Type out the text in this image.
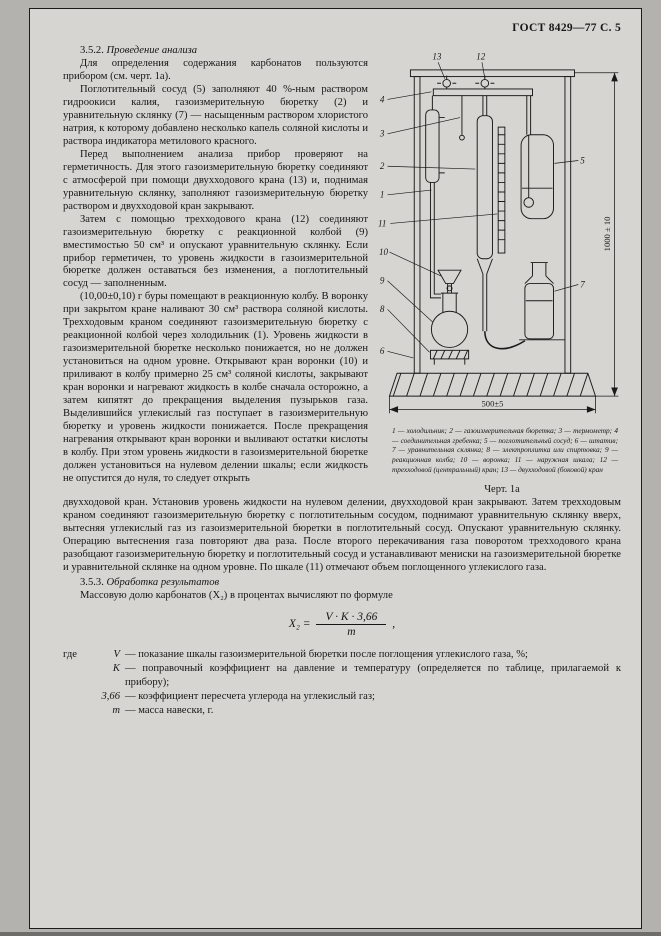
ГОСТ 8429—77 С. 5

3.5.2. Проведение анализа

Для определения содержания карбонатов пользуются прибором (см. черт. 1а).

Поглотительный сосуд (5) заполняют 40 %-ным раствором гидроокиси калия, газоизмерительную бюретку (2) и уравнительную склянку (7) — насыщенным раствором хлористого натрия, к которому добавлено несколько капель соляной кислоты и раствора индикатора метилового красного.

Перед выполнением анализа прибор проверяют на герметичность. Для этого газоизмерительную бюретку соединяют с атмосферой при помощи двухходового крана (13) и, поднимая уравнительную склянку, заполняют газоизмерительную бюретку раствором и двухходовой кран закрывают.

Затем с помощью трехходового крана (12) соединяют газоизмерительную бюретку с реакционной колбой (9) вместимостью 50 см³ и опускают уравнительную склянку. Если прибор герметичен, то уровень жидкости в газоизмерительной бюретке должен оставаться без изменения, а поглотительный сосуд — заполненным.

(10,00±0,10) г буры помещают в реакционную колбу. В воронку при закрытом кране наливают 30 см³ раствора соляной кислоты. Трехходовым краном соединяют газоизмерительную бюретку с реакционной колбой через холодильник (1). Уровень жидкости в газоизмерительной бюретке несколько понижается, но не должен установиться на одном уровне. Открывают кран воронки (10) и приливают в колбу примерно 25 см³ соляной кислоты, закрывают кран воронки и нагревают жидкость в колбе сначала осторожно, а затем кипятят до прекращения выделения пузырьков газа. Выделившийся углекислый газ поступает в газоизмерительную бюретку и уровень жидкости понижается. После прекращения нагревания открывают кран воронки и выливают остатки кислоты в колбу. При этом уровень жидкости в газоизмерительной бюретке должен установиться на нулевом делении шкалы; если жидкость не опустится до нуля, то следует открыть

13	12
4
3
2
1
11
10
9
8
6
5
7
500±5
1000 ± 10
1 — холодильник; 2 — газоизмерительная бюретка; 3 — термометр; 4 — соединительная гребенка; 5 — поглотительный сосуд; 6 — штатив; 7 — уравнительная склянка; 8 — электроплитка или спиртовка; 9 — реакционная колба; 10 — воронка; 11 — наружная шкала; 12 — трехходовой (центральный) кран; 13 — двухходовой (боковой) кран
Черт. 1а

двухходовой кран. Установив уровень жидкости на нулевом делении, двухходовой кран закрывают. Затем трехходовым краном соединяют газоизмерительную бюретку с поглотительным сосудом, поднимают уравнительную склянку вверх, вытесняя углекислый газ из газоизмерительной бюретки в поглотительный сосуд. Опускают уравнительную склянку. Операцию вытеснения газа повторяют два раза. После второго перекачивания газа поворотом трехходового крана разобщают газоизмерительную бюретку и поглотительный сосуд и устанавливают мениски на газоизмерительной бюретке и уравнительной склянке на одном уровне. По шкале (11) отмечают объем поглощенного углекислого газа.

3.5.3. Обработка результатов

Массовую долю карбонатов (Х₂) в процентах вычисляют по формуле

$Х_2 = \frac{V \cdot K \cdot 3,66}{m}$ ,
где	V — показание шкалы газоизмерительной бюретки после поглощения углекислого газа, %;
K — поправочный коэффициент на давление и температуру (определяется по таблице, прилагаемой к прибору);
3,66 — коэффициент пересчета углерода на углекислый газ;
m — масса навески, г.
